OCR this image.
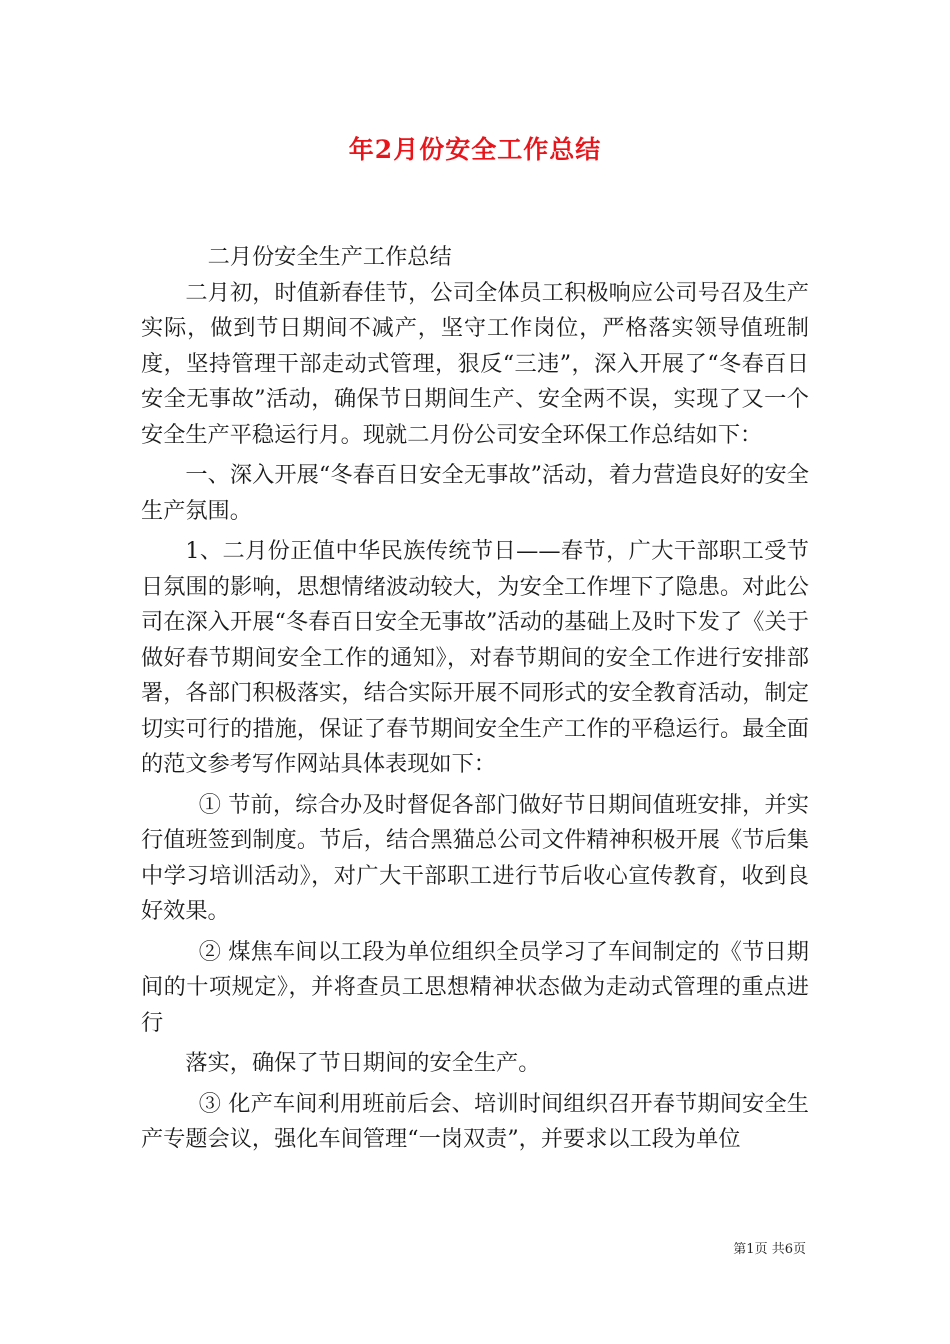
年2月份安全工作总结

二月份安全生产工作总结

二月初，时值新春佳节，公司全体员工积极响应公司号召及生产实际，做到节日期间不减产，坚守工作岗位，严格落实领导值班制度，坚持管理干部走动式管理，狠反“三违”，深入开展了“冬春百日安全无事故”活动，确保节日期间生产、安全两不误，实现了又一个安全生产平稳运行月。现就二月份公司安全环保工作总结如下：

一、深入开展“冬春百日安全无事故”活动，着力营造良好的安全生产氛围。

1、二月份正值中华民族传统节日——春节，广大干部职工受节日氛围的影响，思想情绪波动较大，为安全工作埋下了隐患。对此公司在深入开展“冬春百日安全无事故”活动的基础上及时下发了《关于做好春节期间安全工作的通知》，对春节期间的安全工作进行安排部署，各部门积极落实，结合实际开展不同形式的安全教育活动，制定切实可行的措施，保证了春节期间安全生产工作的平稳运行。最全面的范文参考写作网站具体表现如下：

① 节前，综合办及时督促各部门做好节日期间值班安排，并实行值班签到制度。节后，结合黑猫总公司文件精神积极开展《节后集中学习培训活动》，对广大干部职工进行节后收心宣传教育，收到良好效果。

② 煤焦车间以工段为单位组织全员学习了车间制定的《节日期间的十项规定》，并将查员工思想精神状态做为走动式管理的重点进行

落实，确保了节日期间的安全生产。

③ 化产车间利用班前后会、培训时间组织召开春节期间安全生产专题会议，强化车间管理“一岗双责”，并要求以工段为单位

第1页 共6页
